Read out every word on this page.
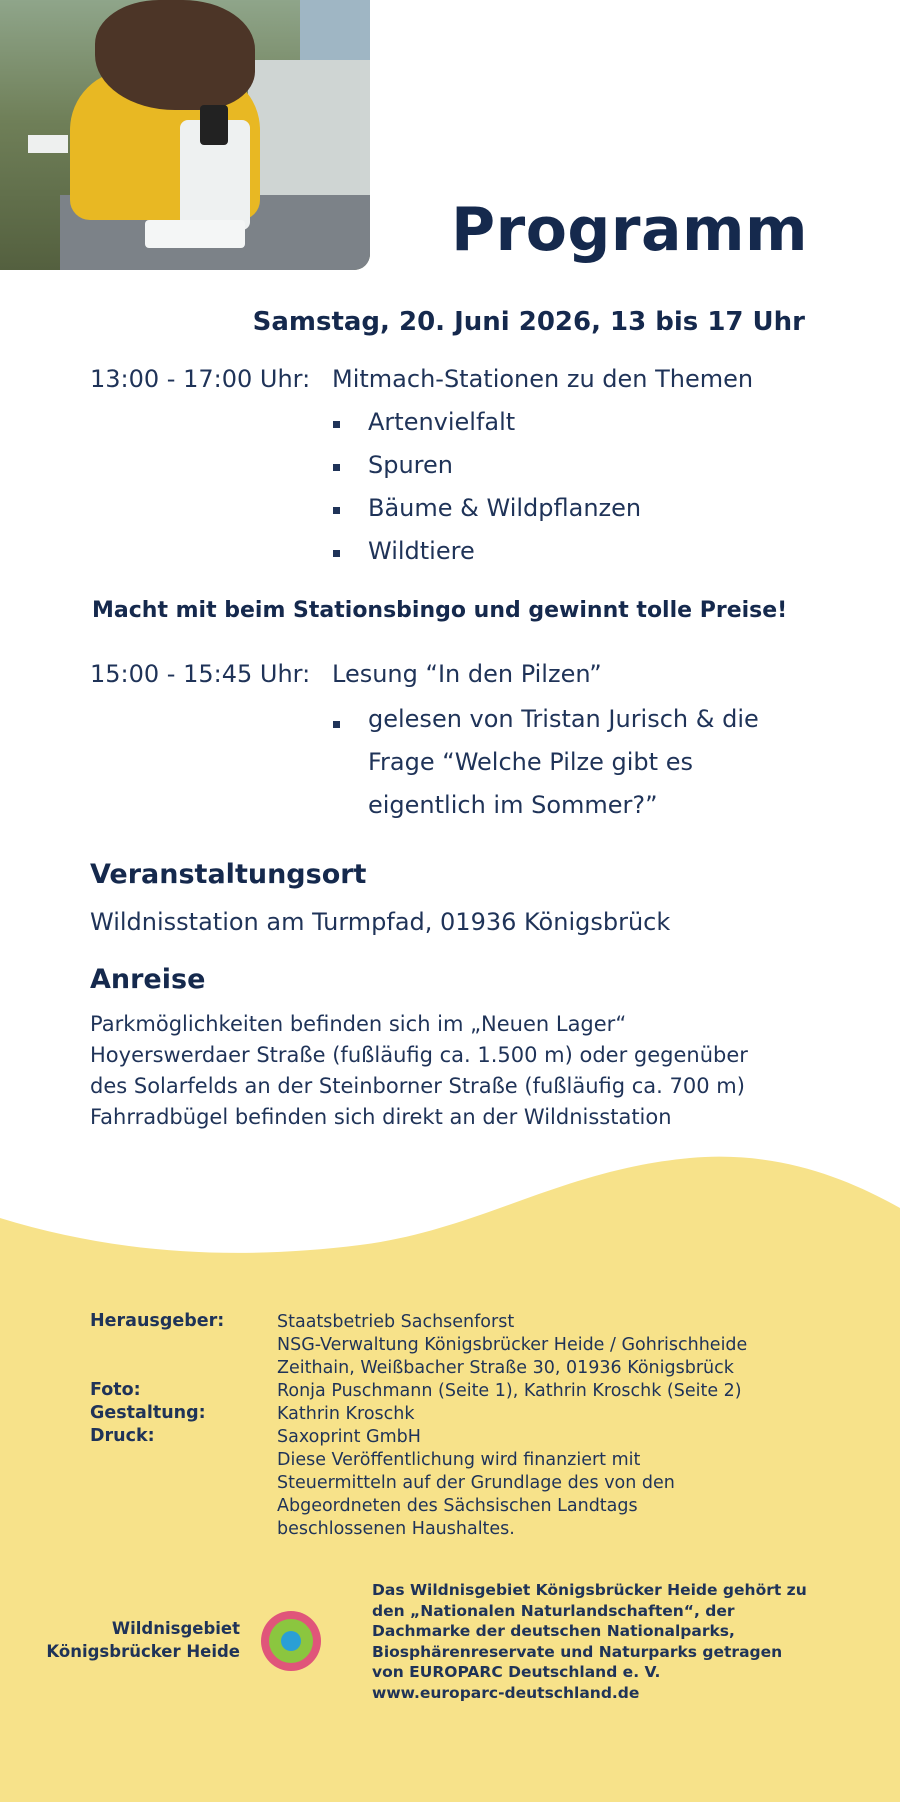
Programm
Samstag, 20. Juni 2026, 13 bis 17 Uhr
13:00 - 17:00 Uhr: Mitmach-Stationen zu den Themen
Artenvielfalt
Spuren
Bäume & Wildpflanzen
Wildtiere
Macht mit beim Stationsbingo und gewinnt tolle Preise!
15:00 - 15:45 Uhr: Lesung “In den Pilzen”
gelesen von Tristan Jurisch & die
Frage “Welche Pilze gibt es
eigentlich im Sommer?”
Veranstaltungsort
Wildnisstation am Turmpfad, 01936 Königsbrück
Anreise
Parkmöglichkeiten befinden sich im „Neuen Lager“
Hoyerswerdaer Straße (fußläufig ca. 1.500 m) oder gegenüber
des Solarfelds an der Steinborner Straße (fußläufig ca. 700 m)
Fahrradbügel befinden sich direkt an der Wildnisstation
Herausgeber:
Foto:
Gestaltung:
Druck:
Staatsbetrieb Sachsenforst
NSG-Verwaltung Königsbrücker Heide / Gohrischheide
Zeithain, Weißbacher Straße 30, 01936 Königsbrück
Ronja Puschmann (Seite 1), Kathrin Kroschk (Seite 2)
Kathrin Kroschk
Saxoprint GmbH
Diese Veröffentlichung wird finanziert mit
Steuermitteln auf der Grundlage des von den
Abgeordneten des Sächsischen Landtags
beschlossenen Haushaltes.
Wildnisgebiet
Königsbrücker Heide
Das Wildnisgebiet Königsbrücker Heide gehört zu
den „Nationalen Naturlandschaften“, der
Dachmarke der deutschen Nationalparks,
Biosphärenreservate und Naturparks getragen
von EUROPARC Deutschland e. V.
www.europarc-deutschland.de
